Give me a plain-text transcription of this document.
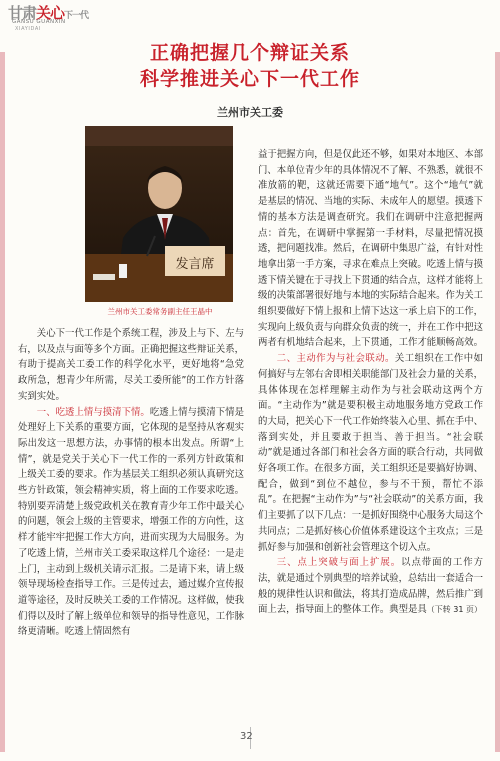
甘肃关心下一代
GANSU GUANXIN
XIAYIDAI
正确把握几个辩证关系
科学推进关心下一代工作
兰州市关工委
发言席
兰州市关工委常务副主任王晶中

关心下一代工作是个系统工程，涉及上与下、左与右，以及点与面等多个方面。正确把握这些辩证关系，有助于提高关工委工作的科学化水平，更好地将“急党政所急，想青少年所需，尽关工委所能”的工作方针落实到实处。

一、吃透上情与摸清下情。吃透上情与摸清下情是处理好上下关系的重要方面，它体现的是坚持从客观实际出发这一思想方法，办事情的根本出发点。所谓“上情”，就是党关于关心下一代工作的一系列方针政策和上级关工委的要求。作为基层关工组织必须认真研究这些方针政策，领会精神实质，将上面的工作要求吃透。特别要弄清楚上级党政机关在教育青少年工作中最关心的问题，领会上级的主管要求，增强工作的方向性，这样才能牢牢把握工作大方向，进而实现为大局服务。为了吃透上情，兰州市关工委采取这样几个途径：一是走上门，主动到上级机关请示汇报。二是请下来，请上级领导现场检查指导工作。三是传过去，通过媒介宣传报道等途径，及时反映关工委的工作情况。这样做，使我们得以及时了解上级单位和领导的指导性意见，工作脉络更清晰。吃透上情固然有

益于把握方向，但是仅此还不够，如果对本地区、本部门、本单位青少年的具体情况不了解、不熟悉，就很不准放箭的靶，这就还需要下通“地气”。这个“地气”就是基层的情况、当地的实际、未成年人的愿望。摸透下情的基本方法是调查研究。我们在调研中注意把握两点：首先，在调研中掌握第一手材料，尽量把情况摸透，把问题找准。然后，在调研中集思广益，有针对性地拿出第一手方案，寻求在难点上突破。吃透上情与摸透下情关键在于寻找上下贯通的结合点，这样才能将上级的决策部署很好地与本地的实际结合起来。作为关工组织要做好下情上报和上情下达这一承上启下的工作，实现向上级负责与向群众负责的统一，并在工作中把这两者有机地结合起来，上下贯通，工作才能顺畅高效。

二、主动作为与社会联动。关工组织在工作中如何搞好与左邻右舍即相关职能部门及社会力量的关系，具体体现在怎样理解主动作为与社会联动这两个方面。“主动作为”就是要积极主动地服务地方党政工作的大局，把关心下一代工作始终装入心里、抓在手中、落到实处，并且要敢于担当、善于担当。“社会联动”就是通过各部门和社会各方面的联合行动，共同做好各项工作。在很多方面，关工组织还是要搞好协调、配合，做到“到位不越位，参与不干预，帮忙不添乱”。在把握“主动作为”与“社会联动”的关系方面，我们主要抓了以下几点：一是抓好围绕中心服务大局这个共同点；二是抓好核心价值体系建设这个主攻点；三是抓好参与加强和创新社会管理这个切入点。

三、点上突破与面上扩展。以点带面的工作方法，就是通过个别典型的培养试验，总结出一套适合一般的规律性认识和做法，将其打造成品牌，然后推广到面上去，指导面上的整体工作。典型是具（下转 31 页）

32
